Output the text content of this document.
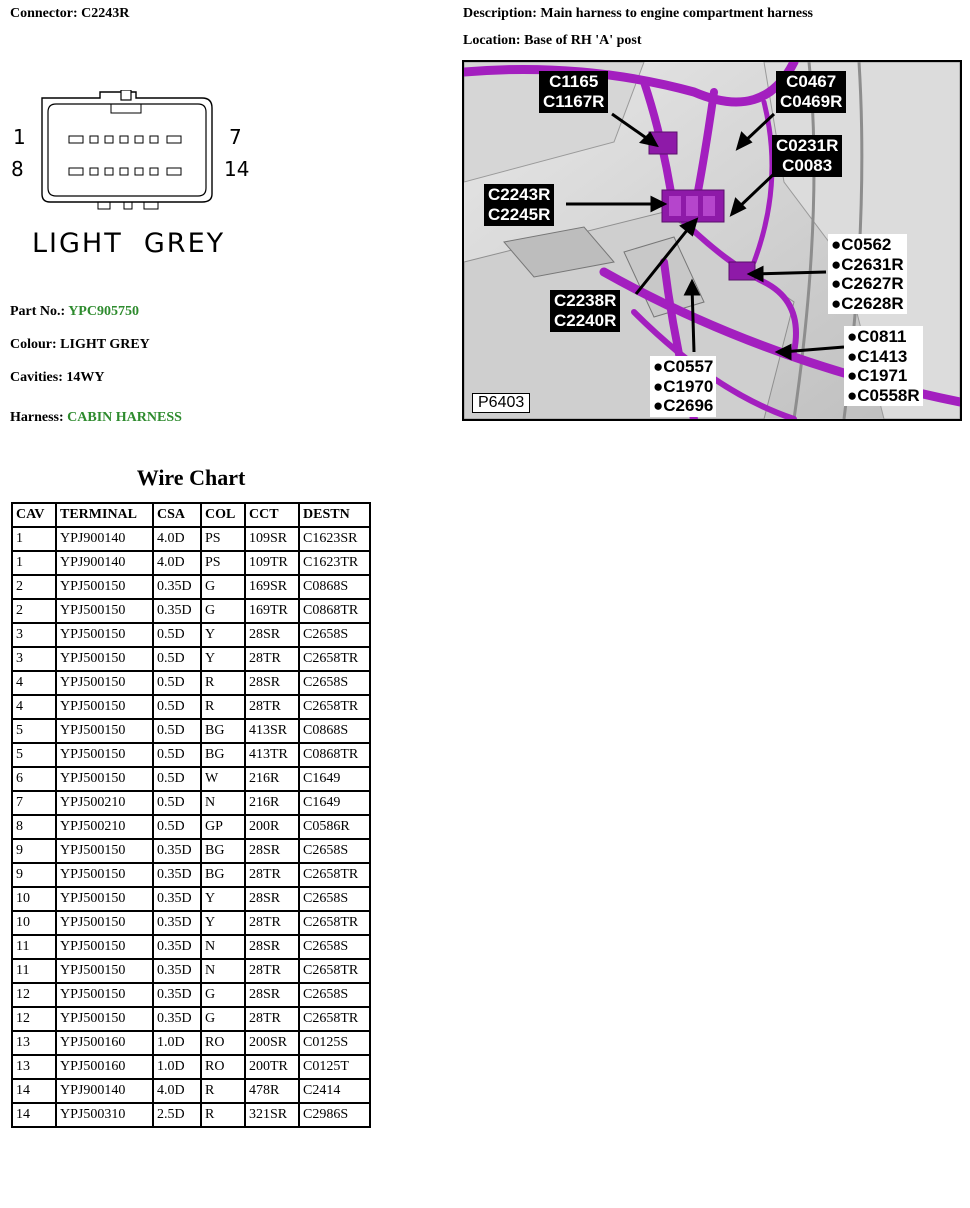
Connector: C2243R	Description: Main harness to engine compartment harness
Location: Base of RH 'A' post
1	7
8	14
LIGHT  GREY
Part No.: YPC905750
Colour: LIGHT GREY
Cavities: 14WY
Harness: CABIN HARNESS
C1165
C1167R
C0467
C0469R
C0231R
C0083
C2243R
C2245R
C2238R
C2240R
●C0562
●C2631R
●C2627R
●C2628R
●C0811
●C1413
●C1971
●C0558R
●C0557
●C1970
●C2696
P6403
Wire Chart
CAV	TERMINAL	CSA	COL	CCT	DESTN
1	YPJ900140	4.0D	PS	109SR	C1623SR
1	YPJ900140	4.0D	PS	109TR	C1623TR
2	YPJ500150	0.35D	G	169SR	C0868S
2	YPJ500150	0.35D	G	169TR	C0868TR
3	YPJ500150	0.5D	Y	28SR	C2658S
3	YPJ500150	0.5D	Y	28TR	C2658TR
4	YPJ500150	0.5D	R	28SR	C2658S
4	YPJ500150	0.5D	R	28TR	C2658TR
5	YPJ500150	0.5D	BG	413SR	C0868S
5	YPJ500150	0.5D	BG	413TR	C0868TR
6	YPJ500150	0.5D	W	216R	C1649
7	YPJ500210	0.5D	N	216R	C1649
8	YPJ500210	0.5D	GP	200R	C0586R
9	YPJ500150	0.35D	BG	28SR	C2658S
9	YPJ500150	0.35D	BG	28TR	C2658TR
10	YPJ500150	0.35D	Y	28SR	C2658S
10	YPJ500150	0.35D	Y	28TR	C2658TR
11	YPJ500150	0.35D	N	28SR	C2658S
11	YPJ500150	0.35D	N	28TR	C2658TR
12	YPJ500150	0.35D	G	28SR	C2658S
12	YPJ500150	0.35D	G	28TR	C2658TR
13	YPJ500160	1.0D	RO	200SR	C0125S
13	YPJ500160	1.0D	RO	200TR	C0125T
14	YPJ900140	4.0D	R	478R	C2414
14	YPJ500310	2.5D	R	321SR	C2986S
